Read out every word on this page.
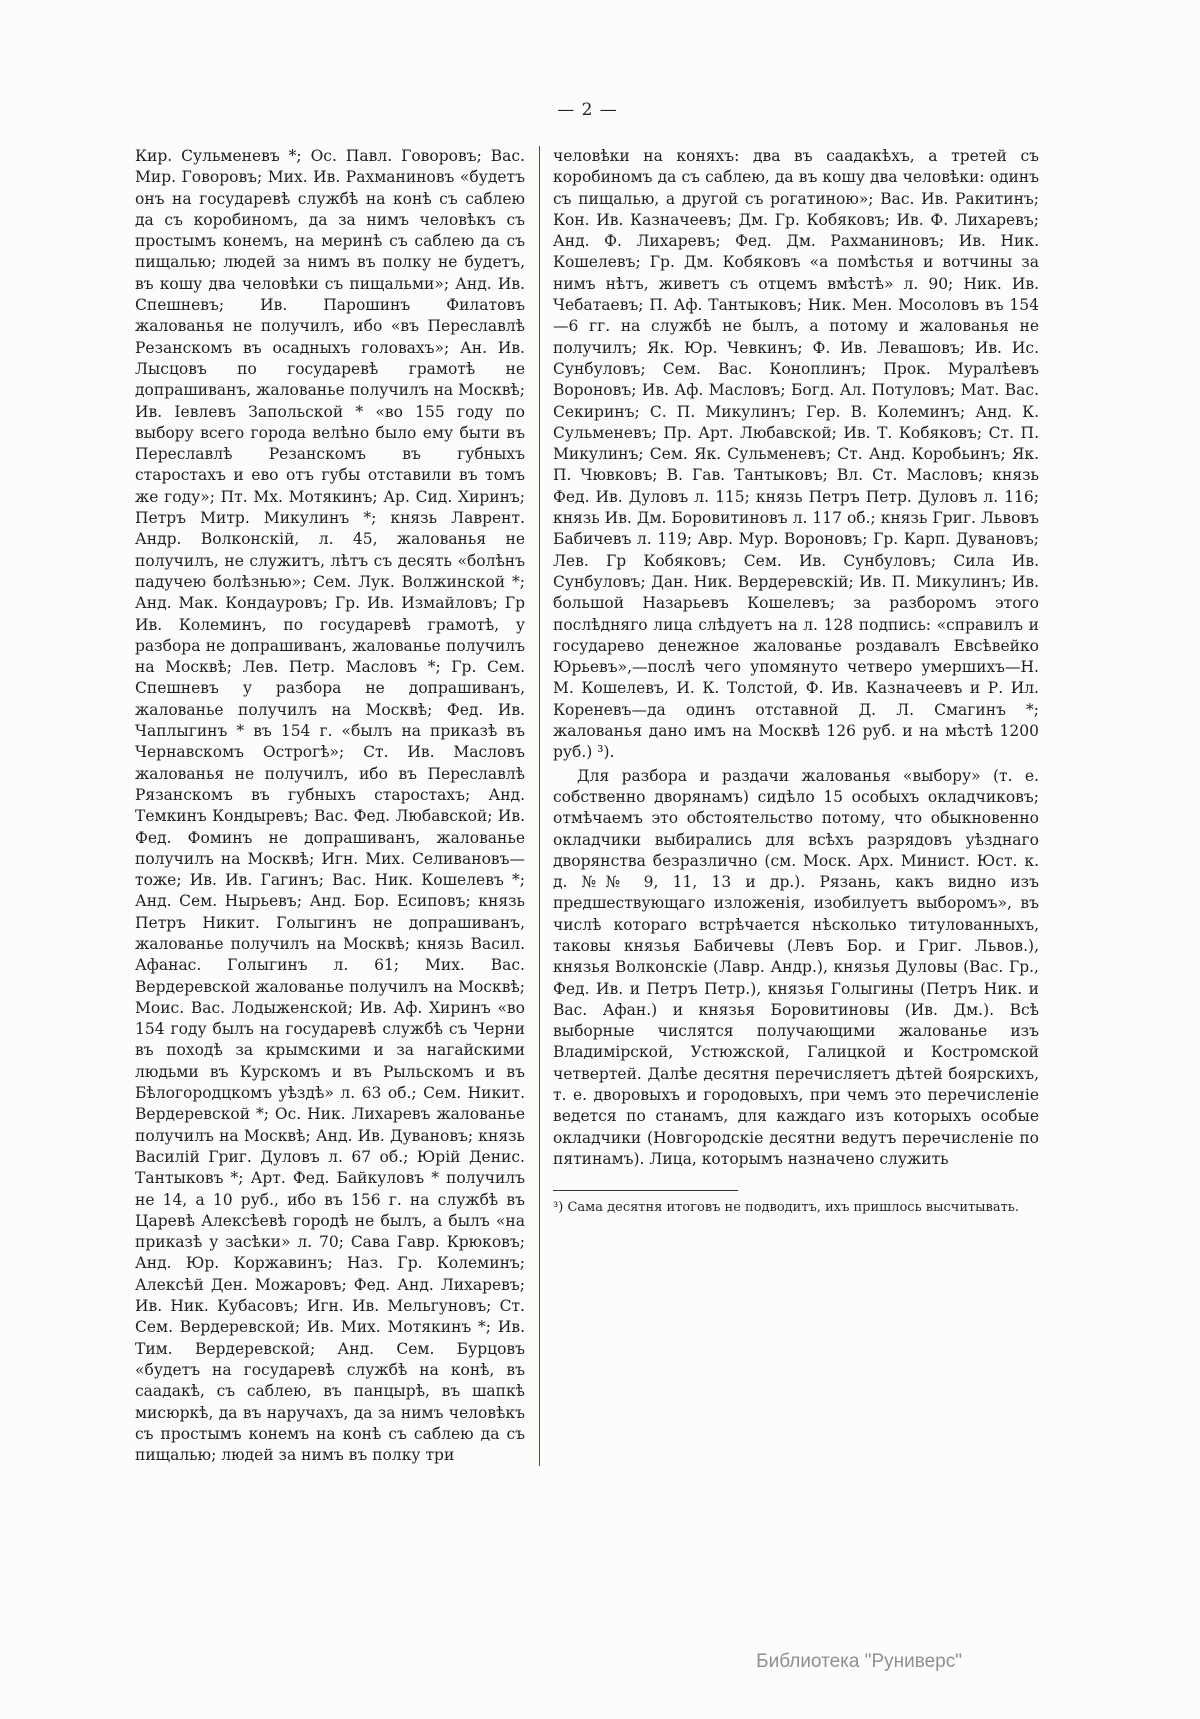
— 2 —

Кир. Сульменевъ *; Ос. Павл. Говоровъ; Вас. Мир. Говоровъ; Мих. Ив. Рахманиновъ «будетъ онъ на государевѣ службѣ на конѣ съ саблею да съ коробиномъ, да за нимъ человѣкъ съ простымъ конемъ, на меринѣ съ саблею да съ пищалью; людей за нимъ въ полку не будетъ, въ кошу два человѣки съ пищальми»; Анд. Ив. Спешневъ; Ив. Парошинъ Филатовъ жалованья не получилъ, ибо «въ Переславлѣ Резанскомъ въ осадныхъ головахъ»; Ан. Ив. Лысцовъ по государевѣ грамотѣ не допрашиванъ, жалованье получилъ на Москвѣ; Ив. Іевлевъ Запольской * «во 155 году по выбору всего города велѣно было ему быти въ Переславлѣ Резанскомъ въ губныхъ старостахъ и ево отъ губы отставили въ томъ же году»; Пт. Мх. Мотякинъ; Ар. Сид. Хиринъ; Петръ Митр. Микулинъ *; князь Лаврент. Андр. Волконскій, л. 45, жалованья не получилъ, не служитъ, лѣтъ съ десять «болѣнъ падучею болѣзнью»; Сем. Лук. Волжинской *; Анд. Мак. Кондауровъ; Гр. Ив. Измайловъ; Гр Ив. Колеминъ, по государевѣ грамотѣ, у разбора не допрашиванъ, жалованье получилъ на Москвѣ; Лев. Петр. Масловъ *; Гр. Сем. Спешневъ у разбора не допрашиванъ, жалованье получилъ на Москвѣ; Фед. Ив. Чаплыгинъ * въ 154 г. «былъ на приказѣ въ Чернавскомъ Острогѣ»; Ст. Ив. Масловъ жалованья не получилъ, ибо въ Переславлѣ Рязанскомъ въ губныхъ старостахъ; Анд. Темкинъ Кондыревъ; Вас. Фед. Любавской; Ив. Фед. Фоминъ не допрашиванъ, жалованье получилъ на Москвѣ; Игн. Мих. Селивановъ—тоже; Ив. Ив. Гагинъ; Вас. Ник. Кошелевъ *; Анд. Сем. Нырьевъ; Анд. Бор. Есиповъ; князь Петръ Никит. Голыгинъ не допрашиванъ, жалованье получилъ на Москвѣ; князь Васил. Афанас. Голыгинъ л. 61; Мих. Вас. Вердеревской жалованье получилъ на Москвѣ; Моис. Вас. Лодыженской; Ив. Аф. Хиринъ «во 154 году былъ на государевѣ службѣ съ Черни въ походѣ за крымскими и за нагайскими людьми въ Курскомъ и въ Рыльскомъ и въ Бѣлогородцкомъ уѣздѣ» л. 63 об.; Сем. Никит. Вердеревской *; Ос. Ник. Лихаревъ жалованье получилъ на Москвѣ; Анд. Ив. Дувановъ; князь Василій Григ. Дуловъ л. 67 об.; Юрій Денис. Тантыковъ *; Арт. Фед. Байкуловъ * получилъ не 14, а 10 руб., ибо въ 156 г. на службѣ въ Царевѣ Алексѣевѣ городѣ не былъ, а былъ «на приказѣ у засѣки» л. 70; Сава Гавр. Крюковъ; Анд. Юр. Коржавинъ; Наз. Гр. Колеминъ; Алексѣй Ден. Можаровъ; Фед. Анд. Лихаревъ; Ив. Ник. Кубасовъ; Игн. Ив. Мельгуновъ; Ст. Сем. Вердеревской; Ив. Мих. Мотякинъ *; Ив. Тим. Вердеревской; Анд. Сем. Бурцовъ «будетъ на государевѣ службѣ на конѣ, въ саадакѣ, съ саблею, въ панцырѣ, въ шапкѣ мисюркѣ, да въ наручахъ, да за нимъ человѣкъ съ простымъ конемъ на конѣ съ саблею да съ пищалью; людей за нимъ въ полку три

человѣки на коняхъ: два въ саадакѣхъ, а третей съ коробиномъ да съ саблею, да въ кошу два человѣки: одинъ съ пищалью, а другой съ рогатиною»; Вас. Ив. Ракитинъ; Кон. Ив. Казначеевъ; Дм. Гр. Кобяковъ; Ив. Ф. Лихаревъ; Анд. Ф. Лихаревъ; Фед. Дм. Рахманиновъ; Ив. Ник. Кошелевъ; Гр. Дм. Кобяковъ «а помѣстья и вотчины за нимъ нѣтъ, живетъ съ отцемъ вмѣстѣ» л. 90; Ник. Ив. Чебатаевъ; П. Аф. Тантыковъ; Ник. Мен. Мосоловъ въ 154—6 гг. на службѣ не былъ, а потому и жалованья не получилъ; Як. Юр. Чевкинъ; Ф. Ив. Левашовъ; Ив. Ис. Сунбуловъ; Сем. Вас. Коноплинъ; Прок. Муралѣевъ Вороновъ; Ив. Аф. Масловъ; Богд. Ал. Потуловъ; Мат. Вас. Секиринъ; С. П. Микулинъ; Гер. В. Колеминъ; Анд. К. Сульменевъ; Пр. Арт. Любавской; Ив. Т. Кобяковъ; Ст. П. Микулинъ; Сем. Як. Сульменевъ; Ст. Анд. Коробьинъ; Як. П. Чювковъ; В. Гав. Тантыковъ; Вл. Ст. Масловъ; князь Фед. Ив. Дуловъ л. 115; князь Петръ Петр. Дуловъ л. 116; князь Ив. Дм. Боровитиновъ л. 117 об.; князь Григ. Львовъ Бабичевъ л. 119; Авр. Мур. Вороновъ; Гр. Карп. Дувановъ; Лев. Гр Кобяковъ; Сем. Ив. Сунбуловъ; Сила Ив. Сунбуловъ; Дан. Ник. Вердеревскій; Ив. П. Микулинъ; Ив. большой Назарьевъ Кошелевъ; за разборомъ этого послѣдняго лица слѣдуетъ на л. 128 подпись: «справилъ и государево денежное жалованье роздавалъ Евсѣвейко Юрьевъ»,—послѣ чего упомянуто четверо умершихъ—Н. М. Кошелевъ, И. К. Толстой, Ф. Ив. Казначеевъ и Р. Ил. Кореневъ—да одинъ отставной Д. Л. Смагинъ *; жалованья дано имъ на Москвѣ 126 руб. и на мѣстѣ 1200 руб.) ³).

Для разбора и раздачи жалованья «выбору» (т. е. собственно дворянамъ) сидѣло 15 особыхъ окладчиковъ; отмѣчаемъ это обстоятельство потому, что обыкновенно окладчики выбирались для всѣхъ разрядовъ уѣзднаго дворянства безразлично (см. Моск. Арх. Минист. Юст. к. д. №№ 9, 11, 13 и др.). Рязань, какъ видно изъ предшествующаго изложенія, изобилуетъ выборомъ», въ числѣ котораго встрѣчается нѣсколько титулованныхъ, таковы князья Бабичевы (Левъ Бор. и Григ. Львов.), князья Волконскіе (Лавр. Андр.), князья Дуловы (Вас. Гр., Фед. Ив. и Петръ Петр.), князья Голыгины (Петръ Ник. и Вас. Афан.) и князья Боровитиновы (Ив. Дм.). Всѣ выборные числятся получающими жалованье изъ Владимірской, Устюжской, Галицкой и Костромской четвертей. Далѣе десятня перечисляетъ дѣтей боярскихъ, т. е. дворовыхъ и городовыхъ, при чемъ это перечисленіе ведется по станамъ, для каждаго изъ которыхъ особые окладчики (Новгородскіе десятни ведутъ перечисленіе по пятинамъ). Лица, которымъ назначено служить

³) Сама десятня итоговъ не подводитъ, ихъ пришлось высчитывать.

Библиотека "Руниверс"
